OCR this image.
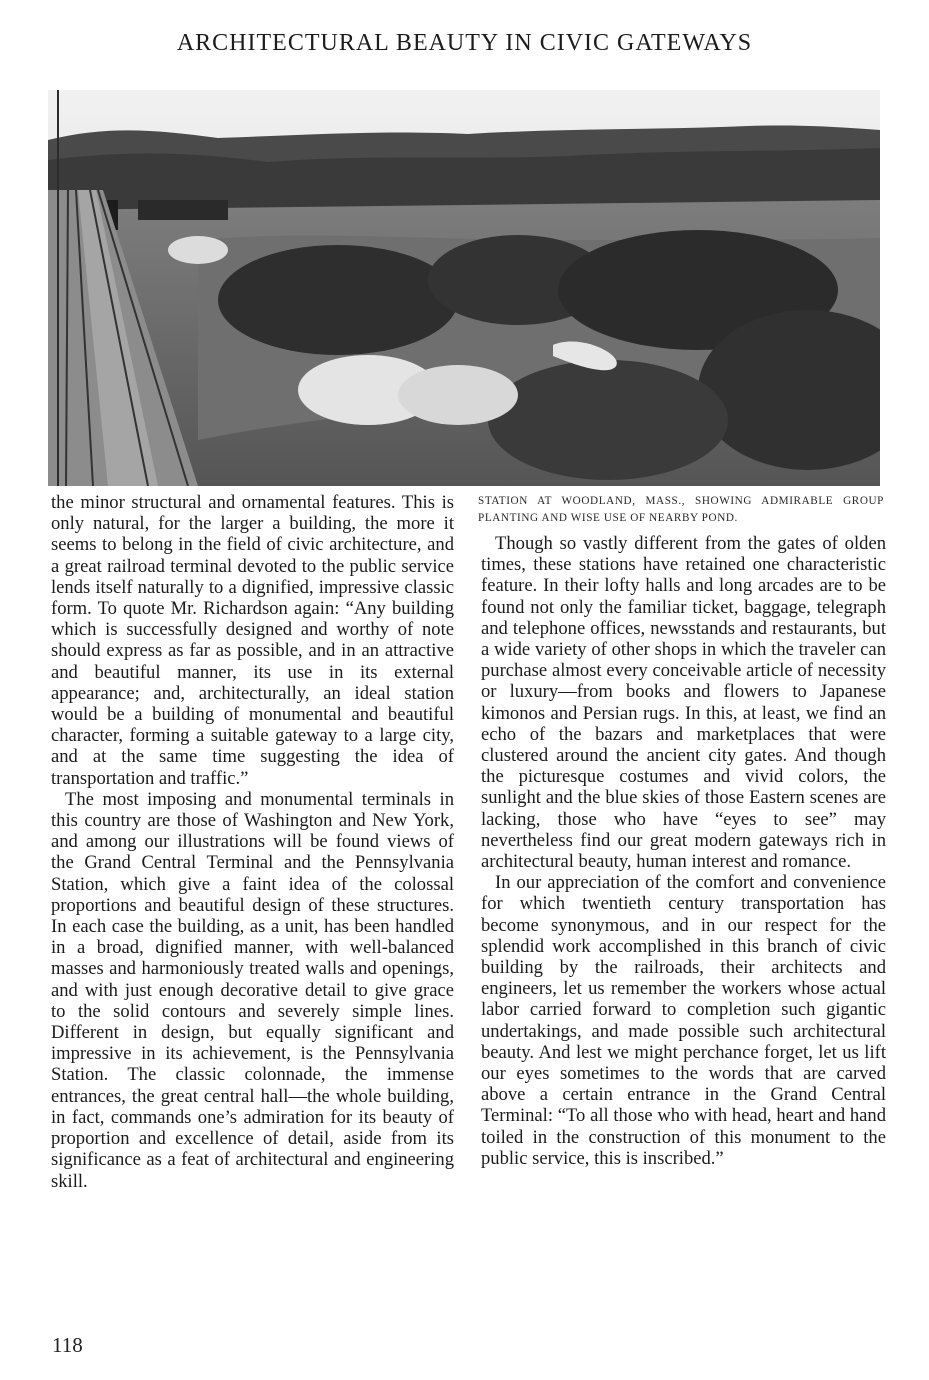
ARCHITECTURAL BEAUTY IN CIVIC GATEWAYS

the minor structural and ornamental features. This is only natural, for the larger a building, the more it seems to belong in the field of civic architecture, and a great railroad terminal devoted to the public service lends itself naturally to a dignified, impressive classic form. To quote Mr. Richardson again: “Any building which is successfully designed and worthy of note should express as far as possible, and in an attractive and beautiful manner, its use in its external appearance; and, architecturally, an ideal station would be a building of monumental and beautiful character, forming a suitable gateway to a large city, and at the same time suggesting the idea of transportation and traffic.”

The most imposing and monumental terminals in this country are those of Washington and New York, and among our illustrations will be found views of the Grand Central Terminal and the Pennsylvania Station, which give a faint idea of the colossal proportions and beautiful design of these structures. In each case the building, as a unit, has been handled in a broad, dignified manner, with well-balanced masses and harmoniously treated walls and openings, and with just enough decorative detail to give grace to the solid contours and severely simple lines. Different in design, but equally significant and impressive in its achievement, is the Pennsylvania Station. The classic colonnade, the immense entrances, the great central hall—the whole building, in fact, commands one’s admiration for its beauty of proportion and excellence of detail, aside from its significance as a feat of architectural and engineering skill.

STATION AT WOODLAND, MASS., SHOWING ADMIRABLE GROUP PLANTING AND WISE USE OF NEARBY POND.

Though so vastly different from the gates of olden times, these stations have retained one characteristic feature. In their lofty halls and long arcades are to be found not only the familiar ticket, baggage, telegraph and telephone offices, newsstands and restaurants, but a wide variety of other shops in which the traveler can purchase almost every conceivable article of necessity or luxury—from books and flowers to Japanese kimonos and Persian rugs. In this, at least, we find an echo of the bazars and marketplaces that were clustered around the ancient city gates. And though the picturesque costumes and vivid colors, the sunlight and the blue skies of those Eastern scenes are lacking, those who have “eyes to see” may nevertheless find our great modern gateways rich in architectural beauty, human interest and romance.

In our appreciation of the comfort and convenience for which twentieth century transportation has become synonymous, and in our respect for the splendid work accomplished in this branch of civic building by the railroads, their architects and engineers, let us remember the workers whose actual labor carried forward to completion such gigantic undertakings, and made possible such architectural beauty. And lest we might perchance forget, let us lift our eyes sometimes to the words that are carved above a certain entrance in the Grand Central Terminal: “To all those who with head, heart and hand toiled in the construction of this monument to the public service, this is inscribed.”

118
